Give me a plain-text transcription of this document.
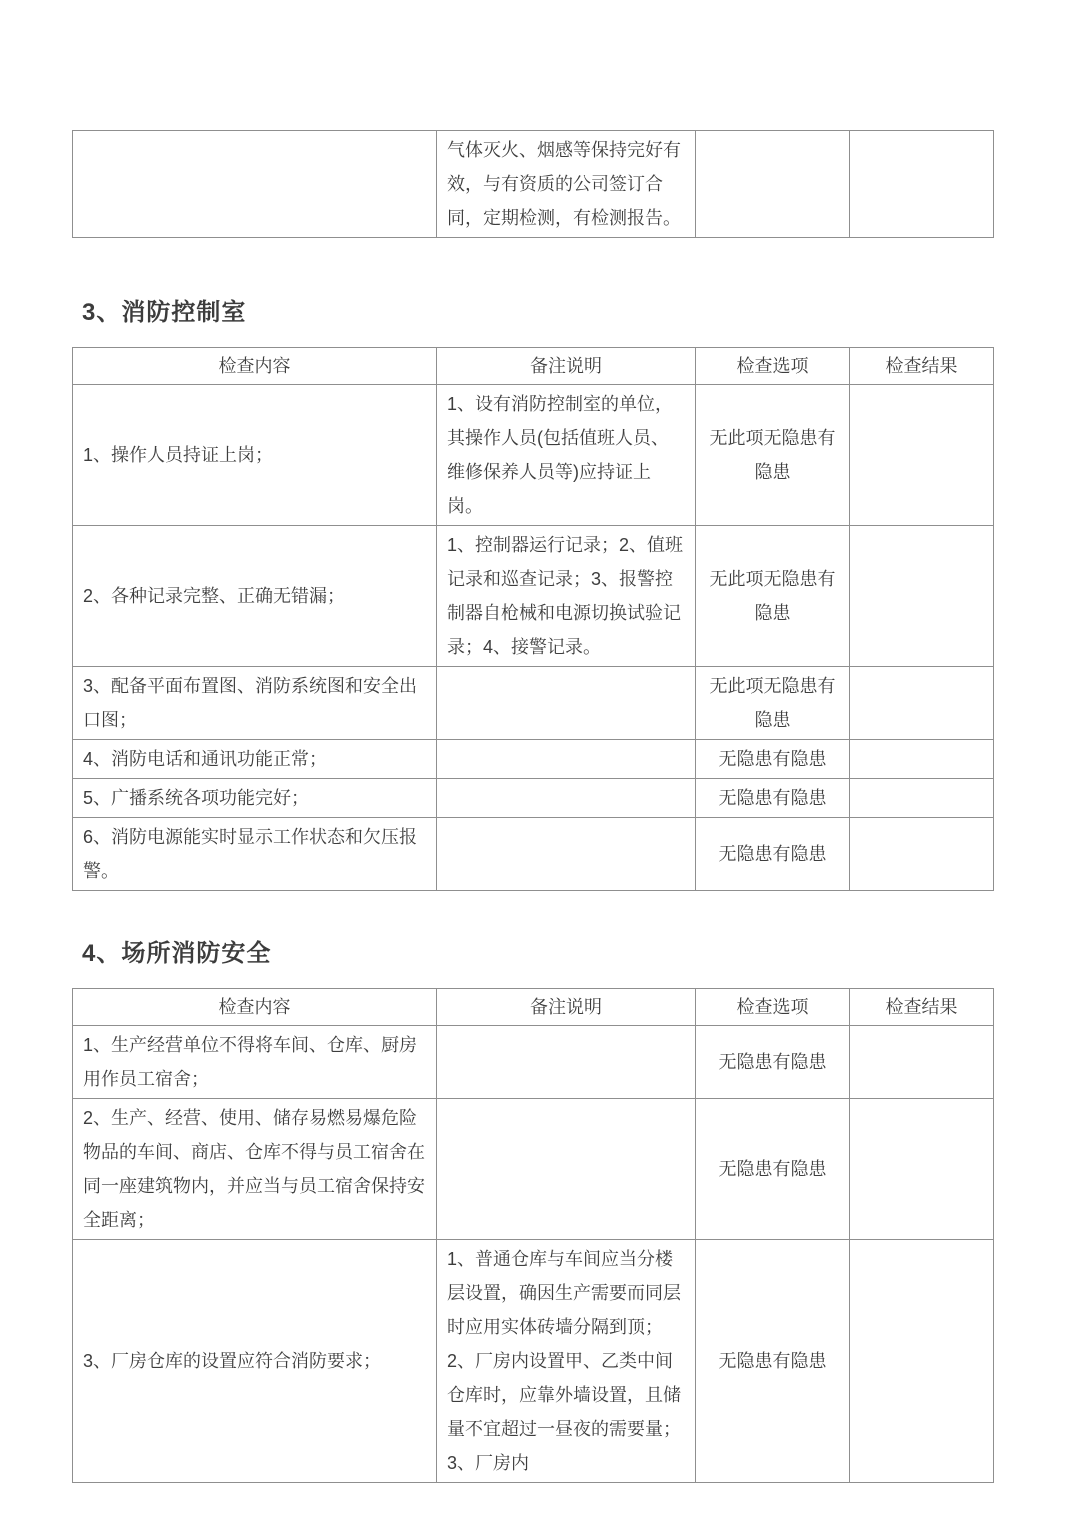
	气体灭火、烟感等保持完好有效，与有资质的公司签订合同，定期检测，有检测报告。		
3、消防控制室
检查内容	备注说明	检查选项	检查结果
1、操作人员持证上岗；	1、设有消防控制室的单位，其操作人员(包括值班人员、维修保养人员等)应持证上岗。	无此项无隐患有隐患	
2、各种记录完整、正确无错漏；	1、控制器运行记录；2、值班记录和巡查记录；3、报警控制器自枪械和电源切换试验记录；4、接警记录。	无此项无隐患有隐患	
3、配备平面布置图、消防系统图和安全出口图；		无此项无隐患有隐患	
4、消防电话和通讯功能正常；		无隐患有隐患	
5、广播系统各项功能完好；		无隐患有隐患	
6、消防电源能实时显示工作状态和欠压报警。		无隐患有隐患	
4、场所消防安全
检查内容	备注说明	检查选项	检查结果
1、生产经营单位不得将车间、仓库、厨房用作员工宿舍；		无隐患有隐患	
2、生产、经营、使用、储存易燃易爆危险物品的车间、商店、仓库不得与员工宿舍在同一座建筑物内，并应当与员工宿舍保持安全距离；		无隐患有隐患	
3、厂房仓库的设置应符合消防要求；	1、普通仓库与车间应当分楼层设置，确因生产需要而同层时应用实体砖墙分隔到顶；2、厂房内设置甲、乙类中间仓库时，应靠外墙设置，且储量不宜超过一昼夜的需要量；3、厂房内	无隐患有隐患	
